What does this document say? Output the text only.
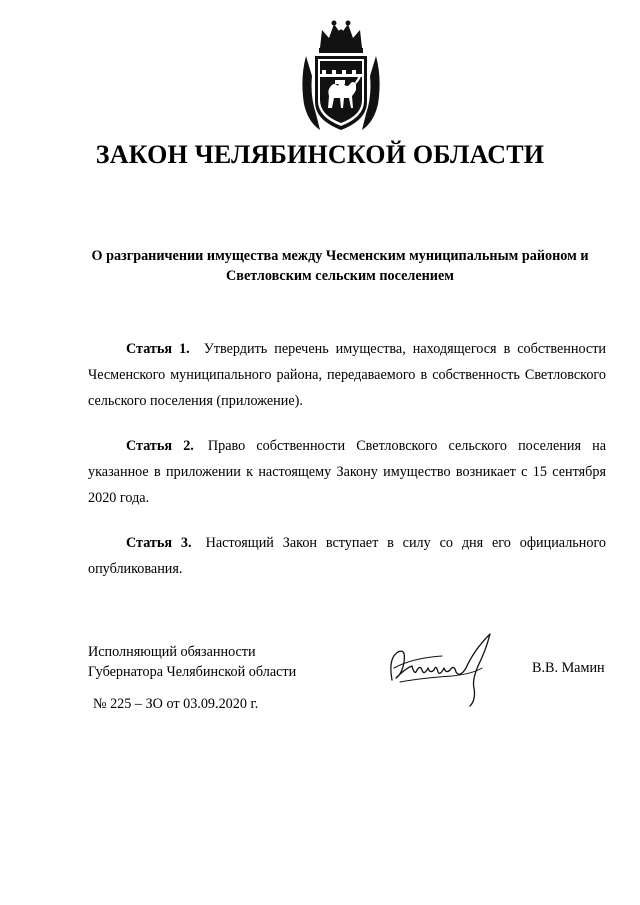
ЗАКОН ЧЕЛЯБИНСКОЙ ОБЛАСТИ
О разграничении имущества между Чесменским муниципальным районом и
Светловским сельским поселением
Статья 1. Утвердить перечень имущества, находящегося в собственности Чесменского муниципального района, передаваемого в собственность Светловского сельского поселения (приложение).
Статья 2. Право собственности Светловского сельского поселения на указанное в приложении к настоящему Закону имущество возникает с 15 сентября 2020 года.
Статья 3. Настоящий Закон вступает в силу со дня его официального опубликования.
Исполняющий обязанности
Губернатора Челябинской области	В.В. Мамин
№ 225 – ЗО от 03.09.2020 г.
